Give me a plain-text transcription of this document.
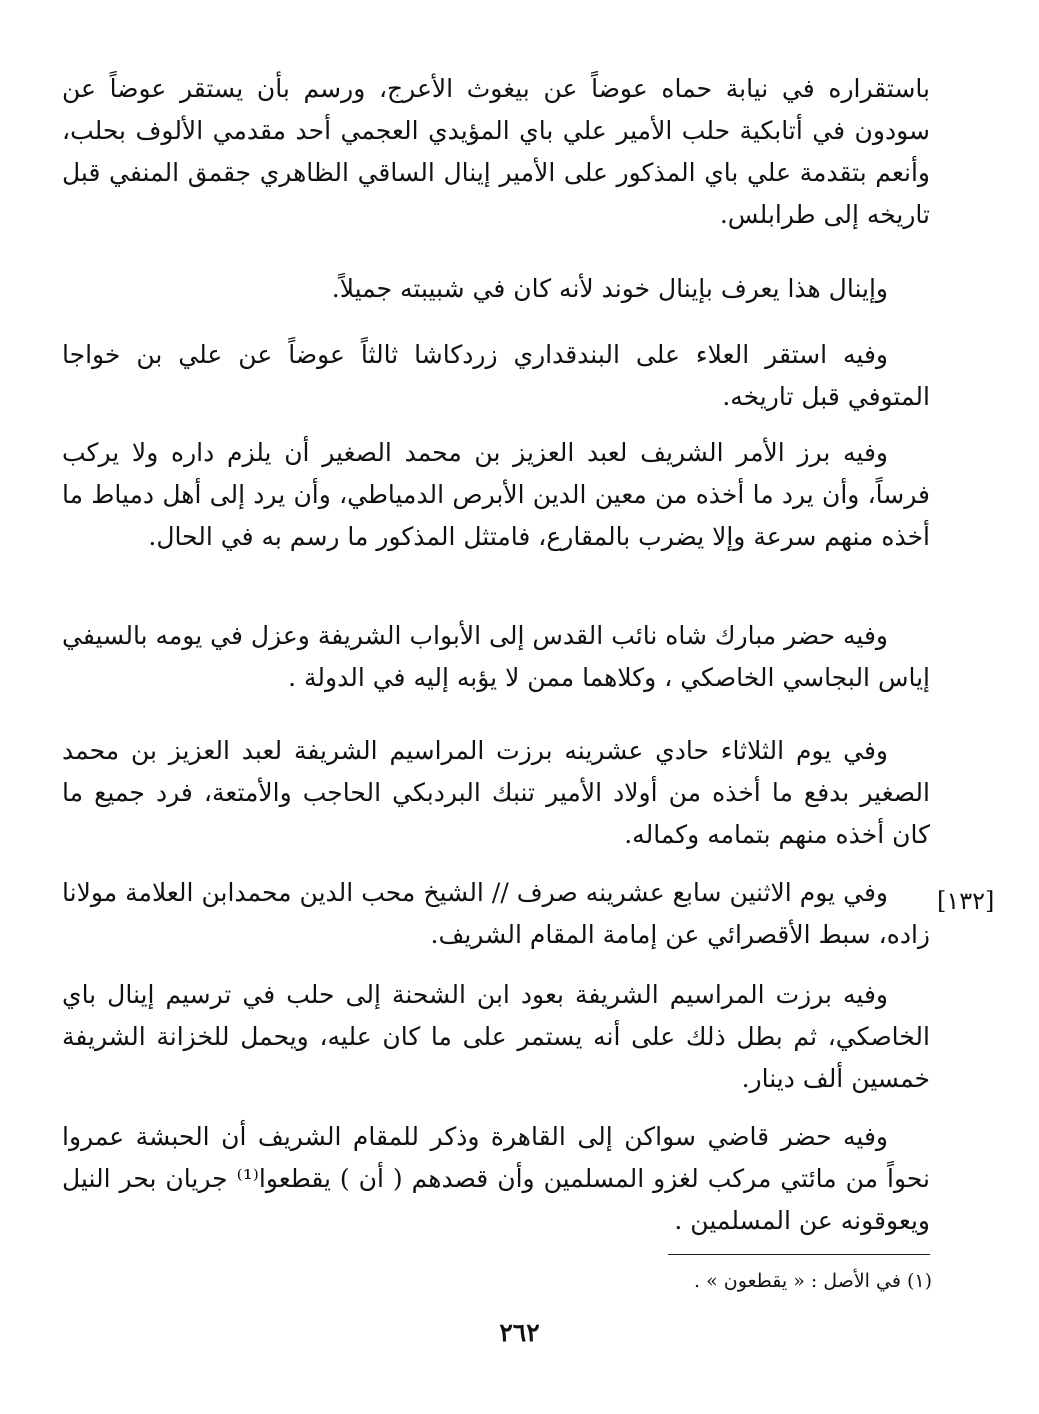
باستقراره في نيابة حماه عوضاً عن بيغوث الأعرج، ورسم بأن يستقر عوضاً عن سودون في أتابكية حلب الأمير علي باي المؤيدي العجمي أحد مقدمي الألوف بحلب، وأنعم بتقدمة علي باي المذكور على الأمير إينال الساقي الظاهري جقمق المنفي قبل تاريخه إلى طرابلس.

وإينال هذا يعرف بإينال خوند لأنه كان في شبيبته جميلاً.

وفيه استقر العلاء على البندقداري زردكاشا ثالثاً عوضاً عن علي بن خواجا المتوفي قبل تاريخه.

وفيه برز الأمر الشريف لعبد العزيز بن محمد الصغير أن يلزم داره ولا يركب فرساً، وأن يرد ما أخذه من معين الدين الأبرص الدمياطي، وأن يرد إلى أهل دمياط ما أخذه منهم سرعة وإلا يضرب بالمقارع، فامتثل المذكور ما رسم به في الحال.

وفيه حضر مبارك شاه نائب القدس إلى الأبواب الشريفة وعزل في يومه بالسيفي إياس البجاسي الخاصكي ، وكلاهما ممن لا يؤبه إليه في الدولة .

وفي يوم الثلاثاء حادي عشرينه برزت المراسيم الشريفة لعبد العزيز بن محمد الصغير بدفع ما أخذه من أولاد الأمير تنبك البردبكي الحاجب والأمتعة، فرد جميع ما كان أخذه منهم بتمامه وكماله.

[١٣٢]

وفي يوم الاثنين سابع عشرينه صرف // الشيخ محب الدين محمدابن العلامة مولانا زاده، سبط الأقصرائي عن إمامة المقام الشريف.

وفيه برزت المراسيم الشريفة بعود ابن الشحنة إلى حلب في ترسيم إينال باي الخاصكي، ثم بطل ذلك على أنه يستمر على ما كان عليه، ويحمل للخزانة الشريفة خمسين ألف دينار.

وفيه حضر قاضي سواكن إلى القاهرة وذكر للمقام الشريف أن الحبشة عمروا نحواً من مائتي مركب لغزو المسلمين وأن قصدهم ( أن ) يقطعوا⁽¹⁾ جريان بحر النيل ويعوقونه عن المسلمين .

(١) في الأصل : « يقطعون » .
٢٦٢
